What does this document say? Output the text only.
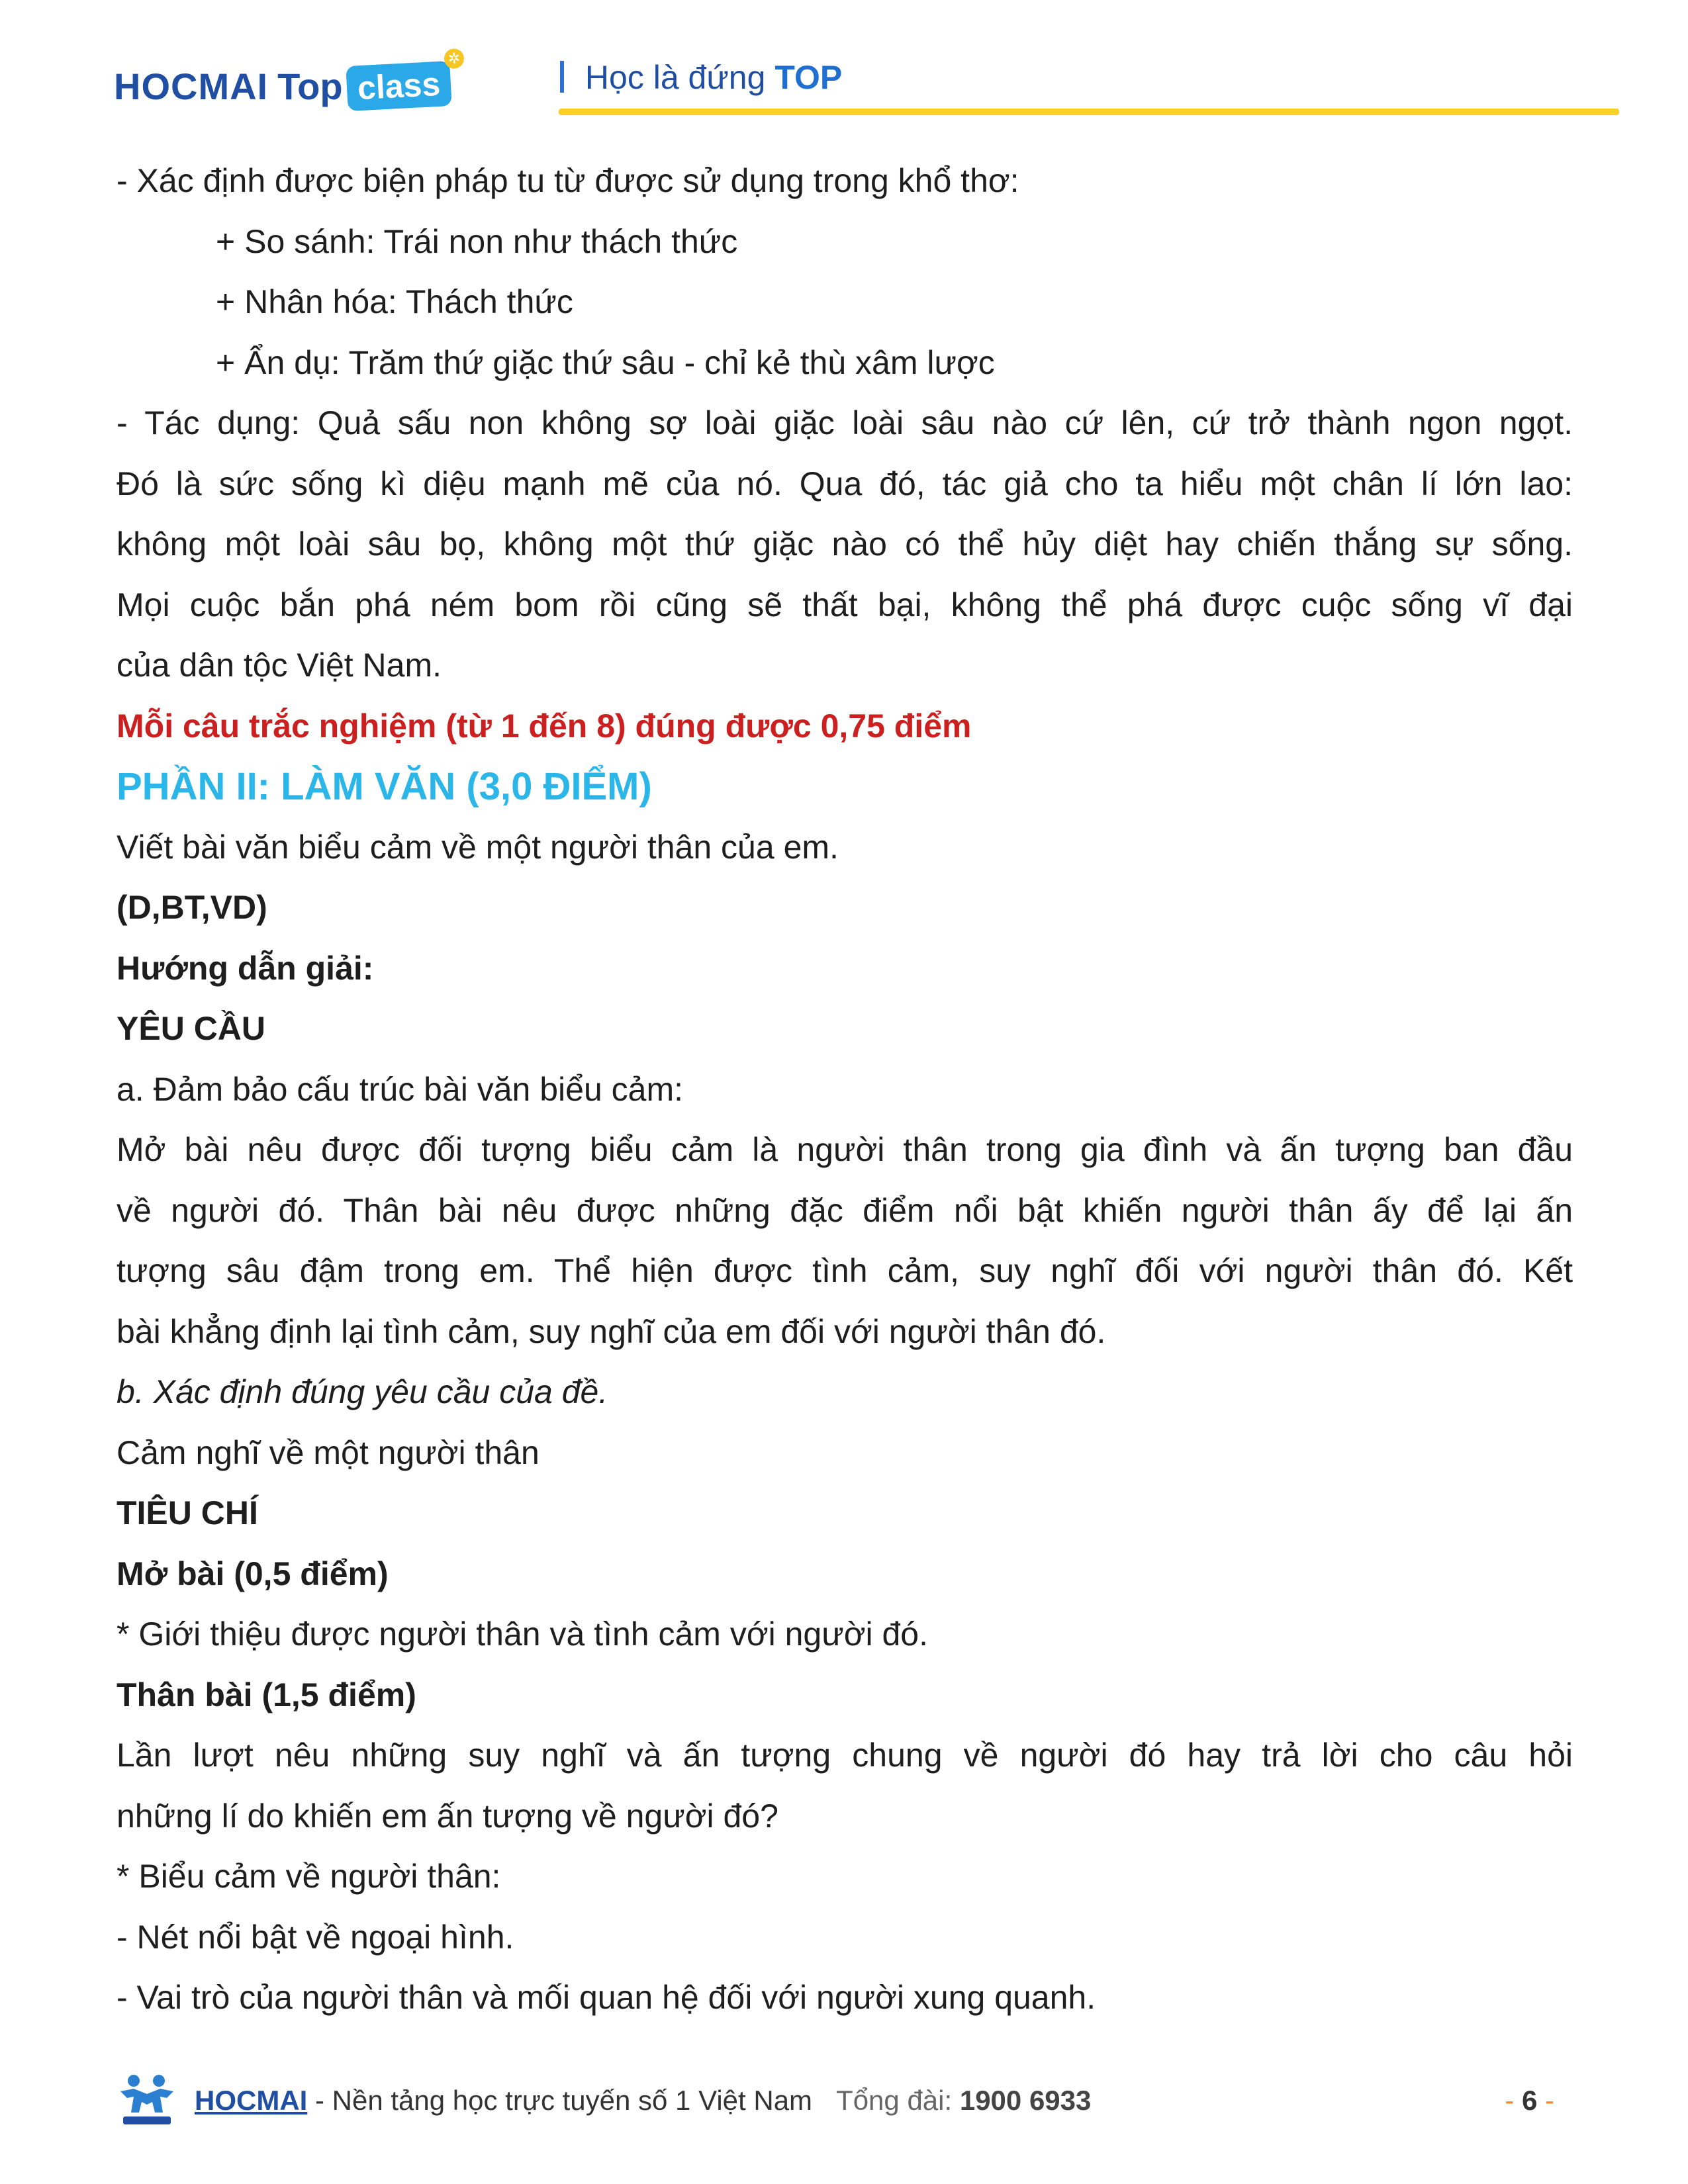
HOCMAI Top class
✲
Học là đứng TOP
- Xác định được biện pháp tu từ được sử dụng trong khổ thơ:
+ So sánh: Trái non như thách thức
+ Nhân hóa: Thách thức
+ Ẩn dụ: Trăm thứ giặc thứ sâu - chỉ kẻ thù xâm lược
- Tác dụng: Quả sấu non không sợ loài giặc loài sâu nào cứ lên, cứ trở thành ngon ngọt.
Đó là sức sống kì diệu mạnh mẽ của nó. Qua đó, tác giả cho ta hiểu một chân lí lớn lao:
không một loài sâu bọ, không một thứ giặc nào có thể hủy diệt hay chiến thắng sự sống.
Mọi cuộc bắn phá ném bom rồi cũng sẽ thất bại, không thể phá được cuộc sống vĩ đại
của dân tộc Việt Nam.
Mỗi câu trắc nghiệm (từ 1 đến 8) đúng được 0,75 điểm
PHẦN II: LÀM VĂN (3,0 ĐIỂM)
Viết bài văn biểu cảm về một người thân của em.
(D,BT,VD)
Hướng dẫn giải:
YÊU CẦU
a. Đảm bảo cấu trúc bài văn biểu cảm:
Mở bài nêu được đối tượng biểu cảm là người thân trong gia đình và ấn tượng ban đầu
về người đó. Thân bài nêu được những đặc điểm nổi bật khiến người thân ấy để lại ấn
tượng sâu đậm trong em. Thể hiện được tình cảm, suy nghĩ đối với người thân đó. Kết
bài khẳng định lại tình cảm, suy nghĩ của em đối với người thân đó.
b. Xác định đúng yêu cầu của đề.
Cảm nghĩ về một người thân
TIÊU CHÍ
Mở bài (0,5 điểm)
* Giới thiệu được người thân và tình cảm với người đó.
Thân bài (1,5 điểm)
Lần lượt nêu những suy nghĩ và ấn tượng chung về người đó hay trả lời cho câu hỏi
những lí do khiến em ấn tượng về người đó?
* Biểu cảm về người thân:
- Nét nổi bật về ngoại hình.
- Vai trò của người thân và mối quan hệ đối với người xung quanh.
HOCMAI - Nền tảng học trực tuyến số 1 Việt Nam Tổng đài: 1900 6933	- 6 -
